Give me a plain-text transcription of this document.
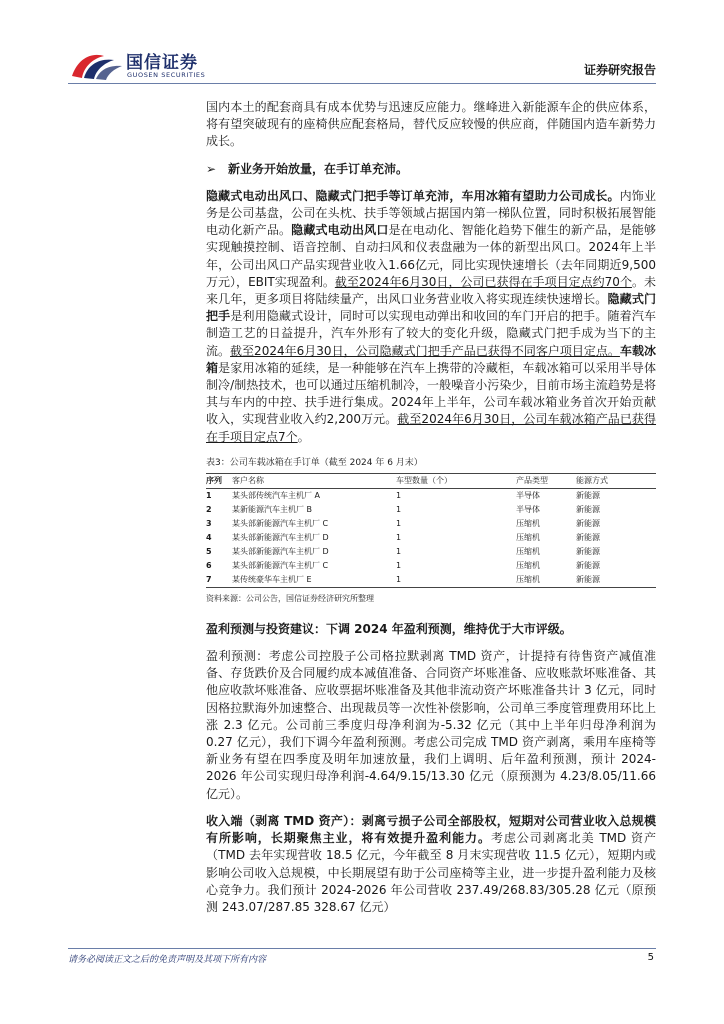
国信证券
GUOSEN SECURITIES	证券研究报告

国内本土的配套商具有成本优势与迅速反应能力。继峰进入新能源车企的供应体系，将有望突破现有的座椅供应配套格局，替代反应较慢的供应商，伴随国内造车新势力成长。

➢ 新业务开始放量，在手订单充沛。

隐藏式电动出风口、隐藏式门把手等订单充沛，车用冰箱有望助力公司成长。内饰业务是公司基盘，公司在头枕、扶手等领域占据国内第一梯队位置，同时积极拓展智能电动化新产品。隐藏式电动出风口是在电动化、智能化趋势下催生的新产品，是能够实现触摸控制、语音控制、自动扫风和仪表盘融为一体的新型出风口。2024年上半年，公司出风口产品实现营业收入1.66亿元，同比实现快速增长（去年同期近9,500万元），EBIT实现盈利。截至2024年6月30日，公司已获得在手项目定点约70个。未来几年，更多项目将陆续量产，出风口业务营业收入将实现连续快速增长。隐藏式门把手是利用隐藏式设计，同时可以实现电动弹出和收回的车门开启的把手。随着汽车制造工艺的日益提升，汽车外形有了较大的变化升级，隐藏式门把手成为当下的主流。截至2024年6月30日，公司隐藏式门把手产品已获得不同客户项目定点。车载冰箱是家用冰箱的延续，是一种能够在汽车上携带的冷藏柜，车载冰箱可以采用半导体制冷/制热技术，也可以通过压缩机制冷，一般噪音小污染少，目前市场主流趋势是将其与车内的中控、扶手进行集成。2024年上半年，公司车载冰箱业务首次开始贡献收入，实现营业收入约2,200万元。截至2024年6月30日，公司车载冰箱产品已获得在手项目定点7个。

表3：公司车载冰箱在手订单（截至 2024 年 6 月末）
序列	客户名称	车型数量（个）	产品类型	能源方式
1	某头部传统汽车主机厂 A	1	半导体	新能源
2	某新能源汽车主机厂 B	1	半导体	新能源
3	某头部新能源汽车主机厂 C	1	压缩机	新能源
4	某头部新能源汽车主机厂 D	1	压缩机	新能源
5	某头部新能源汽车主机厂 D	1	压缩机	新能源
6	某头部新能源汽车主机厂 C	1	压缩机	新能源
7	某传统豪华车主机厂 E	1	压缩机	新能源
资料来源：公司公告，国信证券经济研究所整理

盈利预测与投资建议：下调 2024 年盈利预测，维持优于大市评级。

盈利预测：考虑公司控股子公司格拉默剥离 TMD 资产，计提持有待售资产减值准备、存货跌价及合同履约成本减值准备、合同资产坏账准备、应收账款坏账准备、其他应收款坏账准备、应收票据坏账准备及其他非流动资产坏账准备共计 3 亿元，同时因格拉默海外加速整合、出现裁员等一次性补偿影响，公司单三季度管理费用环比上涨 2.3 亿元。公司前三季度归母净利润为-5.32 亿元（其中上半年归母净利润为 0.27 亿元），我们下调今年盈利预测。考虑公司完成 TMD 资产剥离，乘用车座椅等新业务有望在四季度及明年加速放量，我们上调明、后年盈利预测，预计 2024-2026 年公司实现归母净利润-4.64/9.15/13.30 亿元（原预测为 4.23/8.05/11.66 亿元）。

收入端（剥离 TMD 资产）：剥离亏损子公司全部股权，短期对公司营业收入总规模有所影响，长期聚焦主业，将有效提升盈利能力。考虑公司剥离北美 TMD 资产（TMD 去年实现营收 18.5 亿元，今年截至 8 月末实现营收 11.5 亿元），短期内或影响公司收入总规模，中长期展望有助于公司座椅等主业，进一步提升盈利能力及核心竞争力。我们预计 2024-2026 年公司营收 237.49/268.83/305.28 亿元（原预测 243.07/287.85 328.67 亿元）

请务必阅读正文之后的免责声明及其项下所有内容	5
